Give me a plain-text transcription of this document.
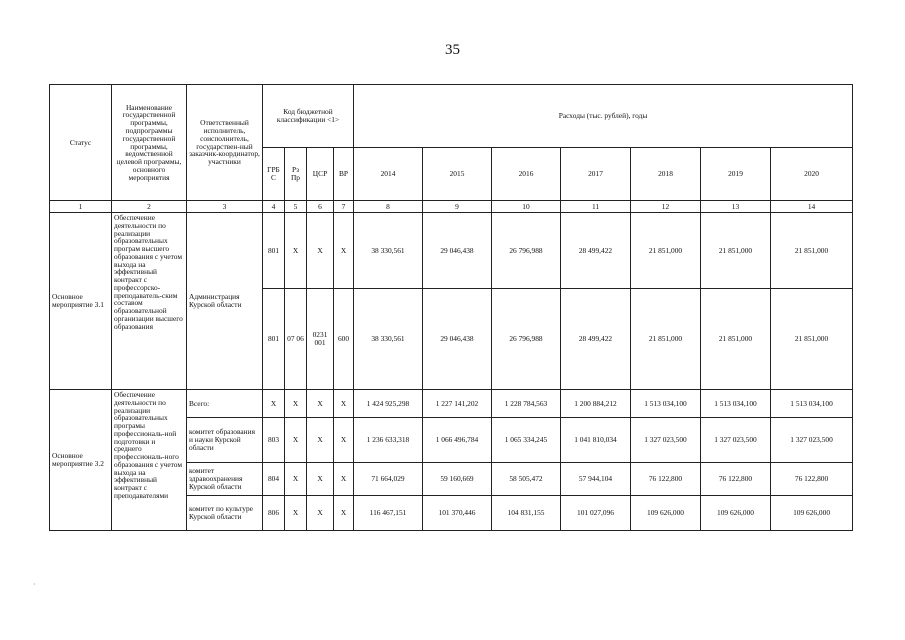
35
Статус	Наименование государственной программы, подпрограммы государственной программы, ведомственной целевой программы, основного мероприятия	Ответственный исполнитель, соисполнитель, государствен-ный заказчик-координатор, участники	Код бюджетной классификации <1>				Расходы (тыс. рублей), годы						
			ГРБ С	Рз Пр	ЦСР	ВР	2014	2015	2016	2017	2018	2019	2020
1	2	3	4	5	6	7	8	9	10	11	12	13	14
Основное мероприятие 3.1	Обеспечение деятельности по реализации образовательных програм высшего образования с учетом выхода на эффективный контракт с профессорско-преподаватель-ским составом образовательной организации высшего образования	Администрация Курской области	801	X	X	X	38 330,561	29 046,438	26 796,988	28 499,422	21 851,000	21 851,000	21 851,000
			801	07 06	0231 001	600	38 330,561	29 046,438	26 796,988	28 499,422	21 851,000	21 851,000	21 851,000
Основное мероприятие 3.2	Обеспечение деятельности по реализации образовательных програмы профессиональ-ной подготовки и среднего профессиональ-ного образования с учетом выхода на эффективный контракт с преподавателями	Всего:	X	X	X	X	1 424 925,298	1 227 141,202	1 228 784,563	1 200 884,212	1 513 034,100	1 513 034,100	1 513 034,100
		комитет образования и науки Курской области	803	X	X	X	1 236 633,318	1 066 496,784	1 065 334,245	1 041 810,034	1 327 023,500	1 327 023,500	1 327 023,500
		комитет здравоохранения Курской области	804	X	X	X	71 664,029	59 160,669	58 505,472	57 944,104	76 122,800	76 122,800	76 122,800
		комитет по культуре Курской области	806	X	X	X	116 467,151	101 370,446	104 831,155	101 027,096	109 626,000	109 626,000	109 626,000
·
